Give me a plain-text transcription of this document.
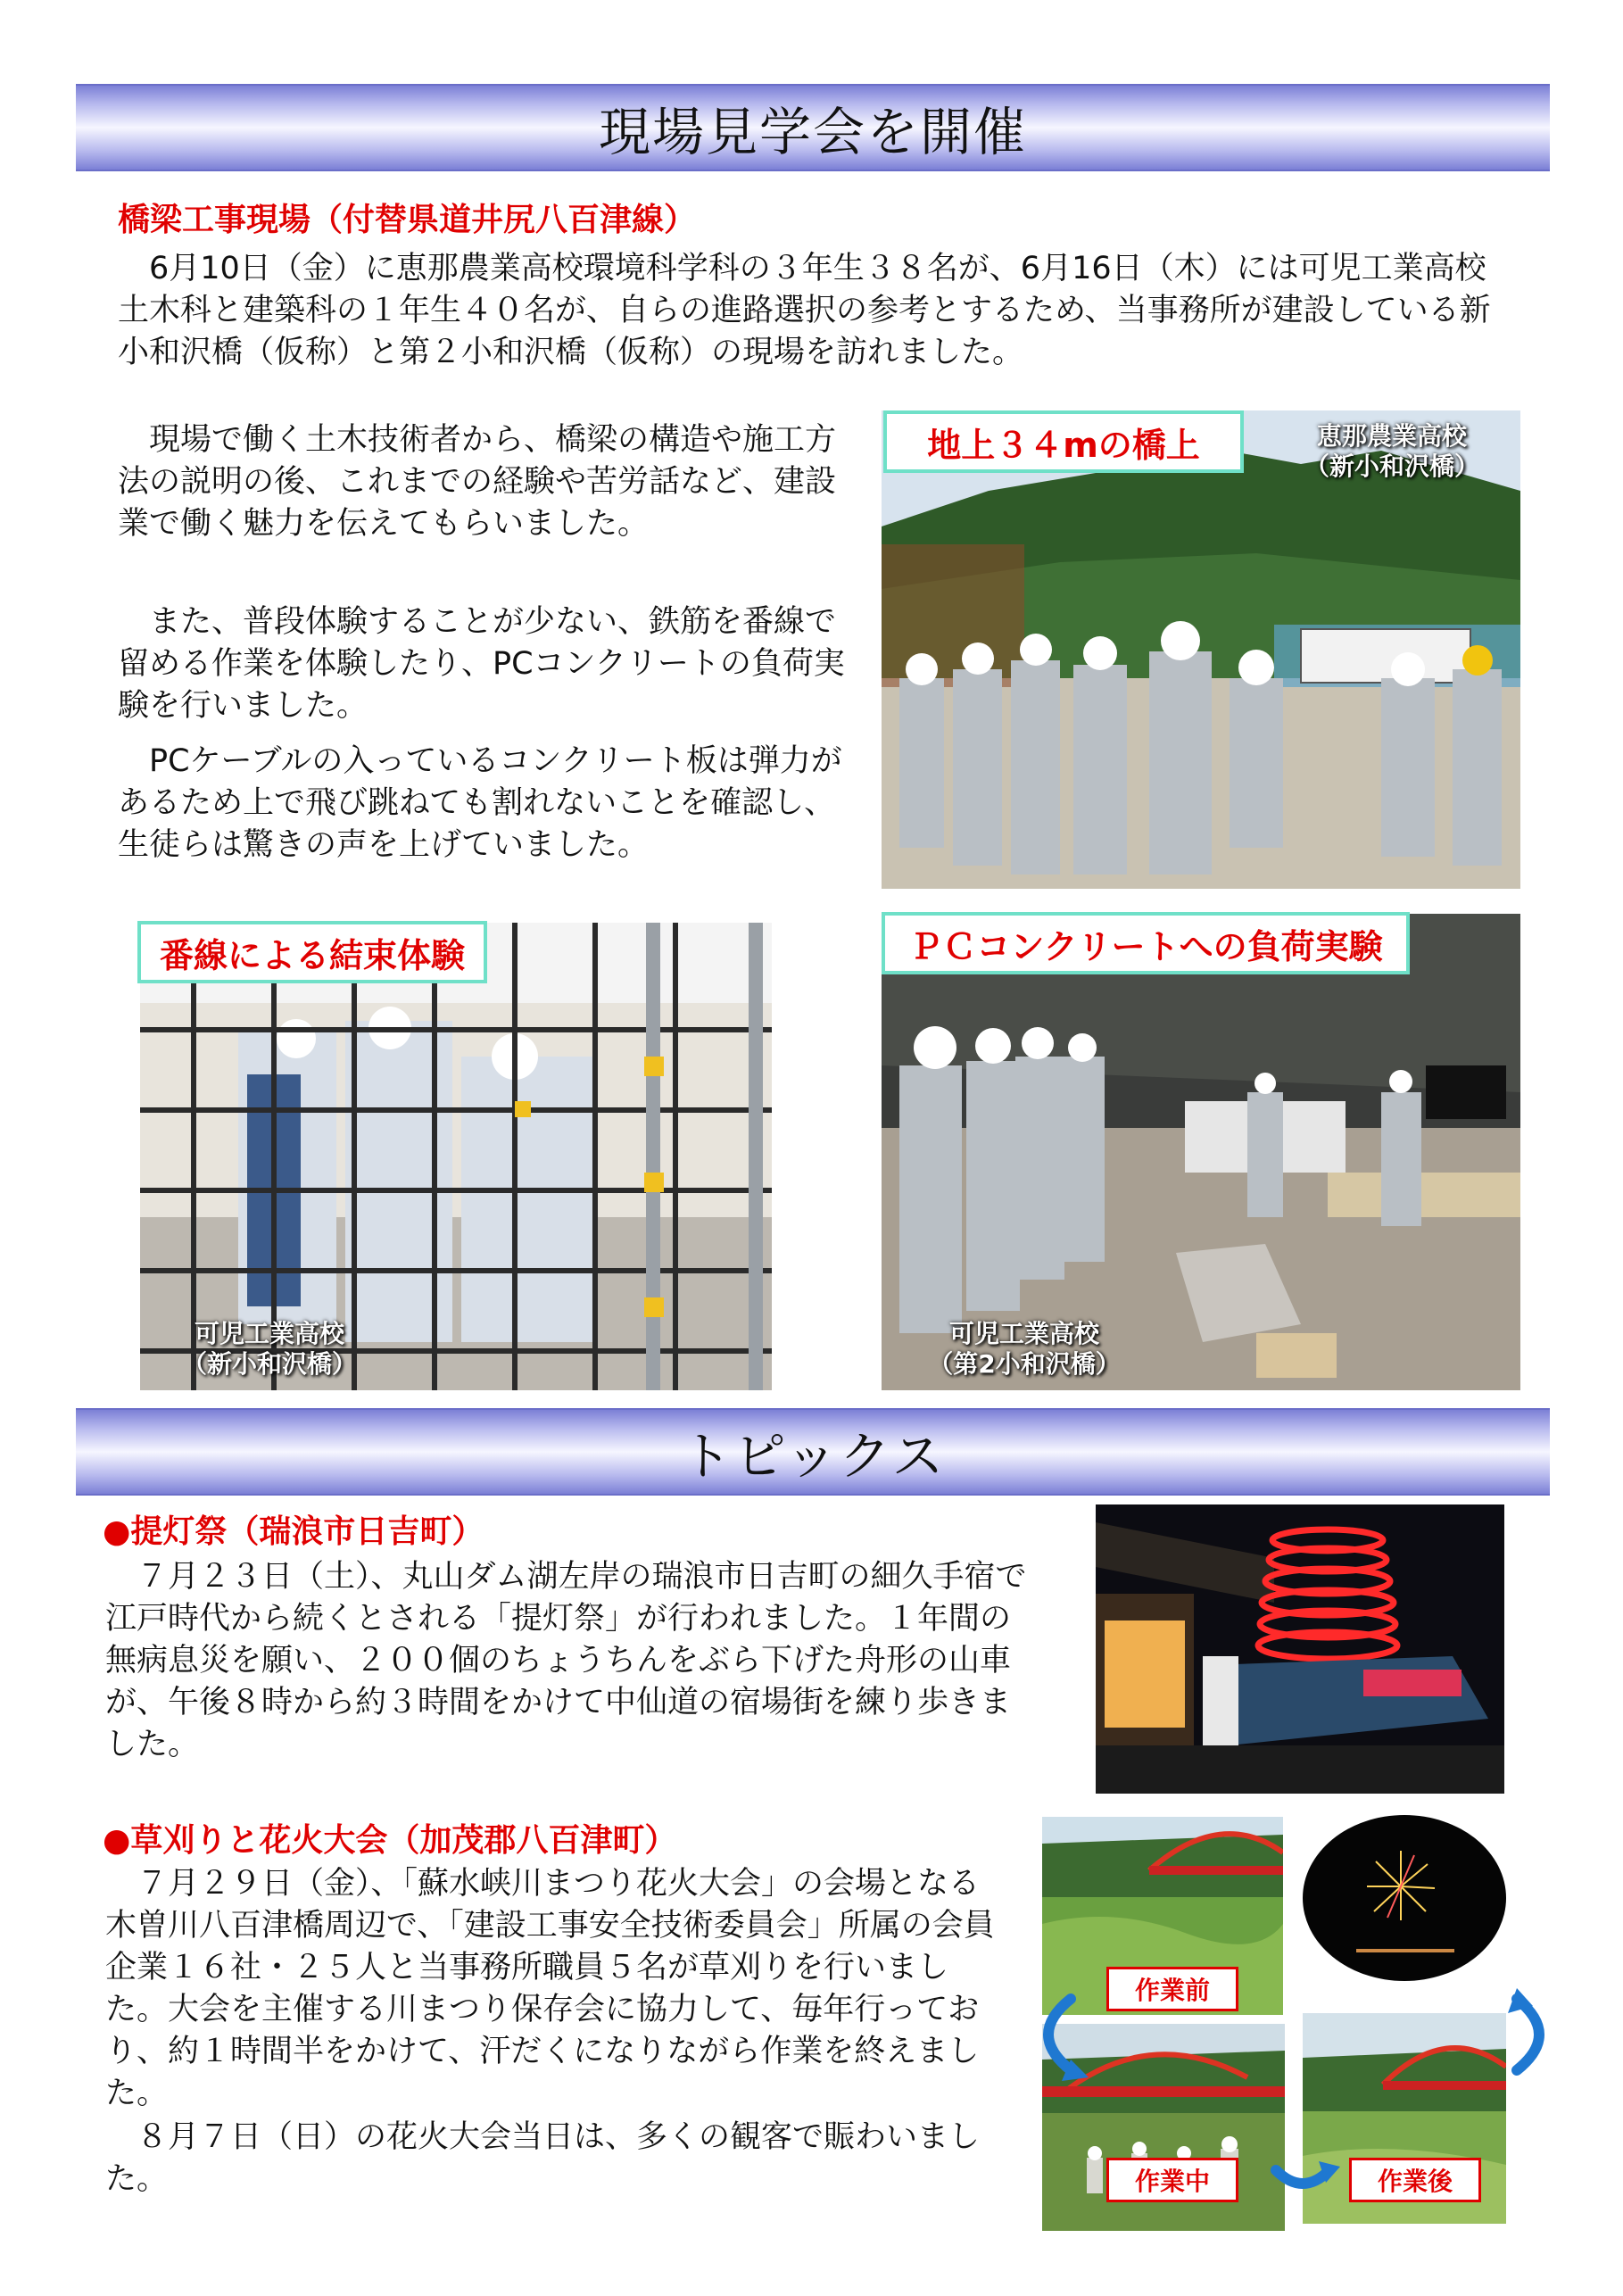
現場見学会を開催
橋梁工事現場（付替県道井尻八百津線）

　6月10日（金）に恵那農業高校環境科学科の３年生３８名が、6月16日（木）には可児工業高校土木科と建築科の１年生４０名が、自らの進路選択の参考とするため、当事務所が建設している新小和沢橋（仮称）と第２小和沢橋（仮称）の現場を訪れました。

　現場で働く土木技術者から、橋梁の構造や施工方法の説明の後、これまでの経験や苦労話など、建設業で働く魅力を伝えてもらいました。

　また、普段体験することが少ない、鉄筋を番線で留める作業を体験したり、PCコンクリートの負荷実験を行いました。

　PCケーブルの入っているコンクリート板は弾力があるため上で飛び跳ねても割れないことを確認し、生徒らは驚きの声を上げていました。

地上３４mの橋上	恵那農業高校
（新小和沢橋）
番線による結束体験
可児工業高校
（新小和沢橋）
ＰＣコンクリートへの負荷実験
可児工業高校
（第2小和沢橋）
トピックス
●提灯祭（瑞浪市日吉町）

　７月２３日（土）、丸山ダム湖左岸の瑞浪市日吉町の細久手宿で江戸時代から続くとされる「提灯祭」が行われました。１年間の無病息災を願い、２００個のちょうちんをぶら下げた舟形の山車が、午後８時から約３時間をかけて中仙道の宿場街を練り歩きました。

●草刈りと花火大会（加茂郡八百津町）

　７月２９日（金）、「蘇水峡川まつり花火大会」の会場となる木曽川八百津橋周辺で、「建設工事安全技術委員会」所属の会員企業１６社・２５人と当事務所職員５名が草刈りを行いました。大会を主催する川まつり保存会に協力して、毎年行っており、約１時間半をかけて、汗だくになりながら作業を終えました。

　８月７日（日）の花火大会当日は、多くの観客で賑わいました。

作業前
作業中	作業後
